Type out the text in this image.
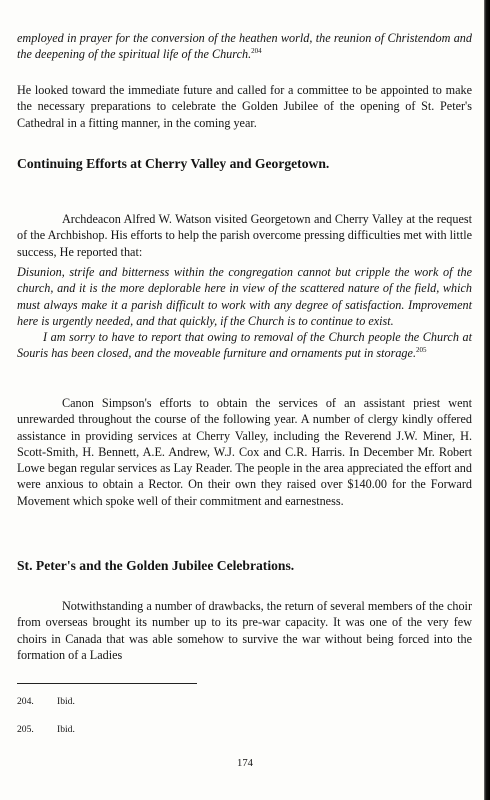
employed in prayer for the conversion of the heathen world, the reunion of Christendom and the deepening of the spiritual life of the Church.$^{204}$

He looked toward the immediate future and called for a committee to be appointed to make the necessary preparations to celebrate the Golden Jubilee of the opening of St. Peter's Cathedral in a fitting manner, in the coming year.

Continuing Efforts at Cherry Valley and Georgetown.

Archdeacon Alfred W. Watson visited Georgetown and Cherry Valley at the request of the Archbishop. His efforts to help the parish overcome pressing difficulties met with little success, He reported that:

Disunion, strife and bitterness within the congregation cannot but cripple the work of the church, and it is the more deplorable here in view of the scattered nature of the field, which must always make it a parish difficult to work with any degree of satisfaction. Improvement here is urgently needed, and that quickly, if the Church is to continue to exist.

I am sorry to have to report that owing to removal of the Church people the Church at Souris has been closed, and the moveable furniture and ornaments put in storage.$^{205}$

Canon Simpson's efforts to obtain the services of an assistant priest went unrewarded throughout the course of the following year. A number of clergy kindly offered assistance in providing services at Cherry Valley, including the Reverend J.W. Miner, H. Scott-Smith, H. Bennett, A.E. Andrew, W.J. Cox and C.R. Harris. In December Mr. Robert Lowe began regular services as Lay Reader. The people in the area appreciated the effort and were anxious to obtain a Rector. On their own they raised over $140.00 for the Forward Movement which spoke well of their commitment and earnestness.

St. Peter's and the Golden Jubilee Celebrations.

Notwithstanding a number of drawbacks, the return of several members of the choir from overseas brought its number up to its pre-war capacity. It was one of the very few choirs in Canada that was able somehow to survive the war without being forced into the formation of a Ladies

204. Ibid.

205. Ibid.

174
